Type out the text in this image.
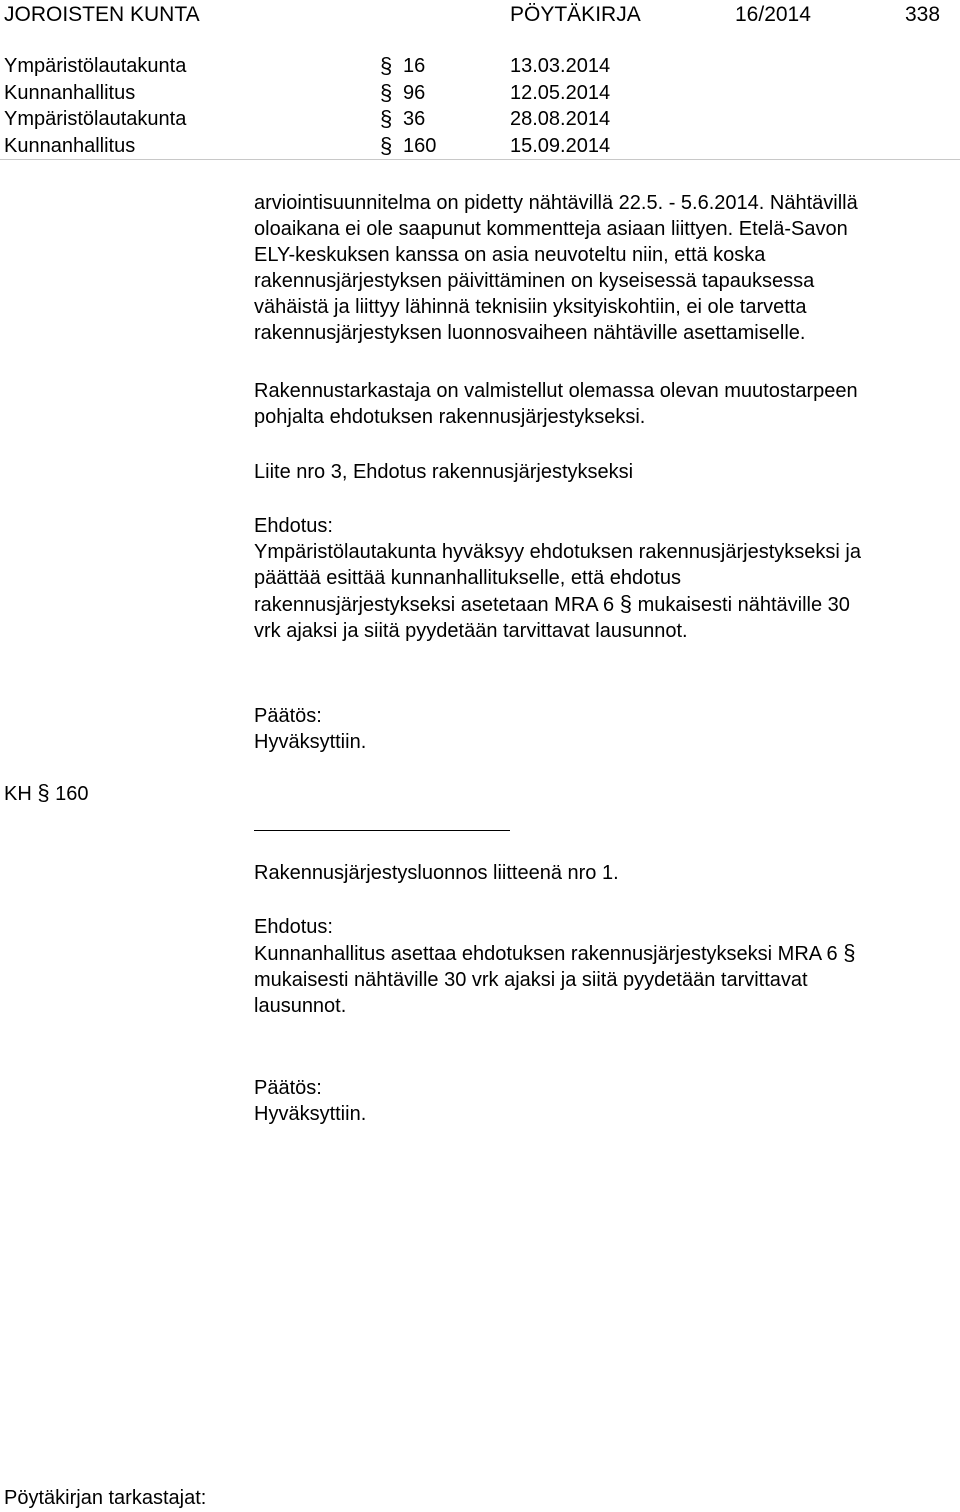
JOROISTEN KUNTA	PÖYTÄKIRJA	16/2014	338
Ympäristölautakunta	§ 16	13.03.2014
Kunnanhallitus	§ 96	12.05.2014
Ympäristölautakunta	§ 36	28.08.2014
Kunnanhallitus	§ 160	15.09.2014

arviointisuunnitelma on pidetty nähtävillä 22.5. - 5.6.2014. Nähtävillä

oloaikana ei ole saapunut kommentteja asiaan liittyen. Etelä-Savon

ELY-keskuksen kanssa on asia neuvoteltu niin, että koska

rakennusjärjestyksen päivittäminen on kyseisessä tapauksessa

vähäistä ja liittyy lähinnä teknisiin yksityiskohtiin, ei ole tarvetta

rakennusjärjestyksen luonnosvaiheen nähtäville asettamiselle.

Rakennustarkastaja on valmistellut olemassa olevan muutostarpeen

pohjalta ehdotuksen rakennusjärjestykseksi.

Liite nro 3, Ehdotus rakennusjärjestykseksi

Ehdotus:

Ympäristölautakunta hyväksyy ehdotuksen rakennusjärjestykseksi ja

päättää esittää kunnanhallitukselle, että ehdotus

rakennusjärjestykseksi asetetaan MRA 6 § mukaisesti nähtäville 30

vrk ajaksi ja siitä pyydetään tarvittavat lausunnot.

Päätös:

Hyväksyttiin.

KH § 160
Rakennusjärjestysluonnos liitteenä nro 1.

Ehdotus:

Kunnanhallitus asettaa ehdotuksen rakennusjärjestykseksi MRA 6 §

mukaisesti nähtäville 30 vrk ajaksi ja siitä pyydetään tarvittavat

lausunnot.

Päätös:

Hyväksyttiin.

Pöytäkirjan tarkastajat:
